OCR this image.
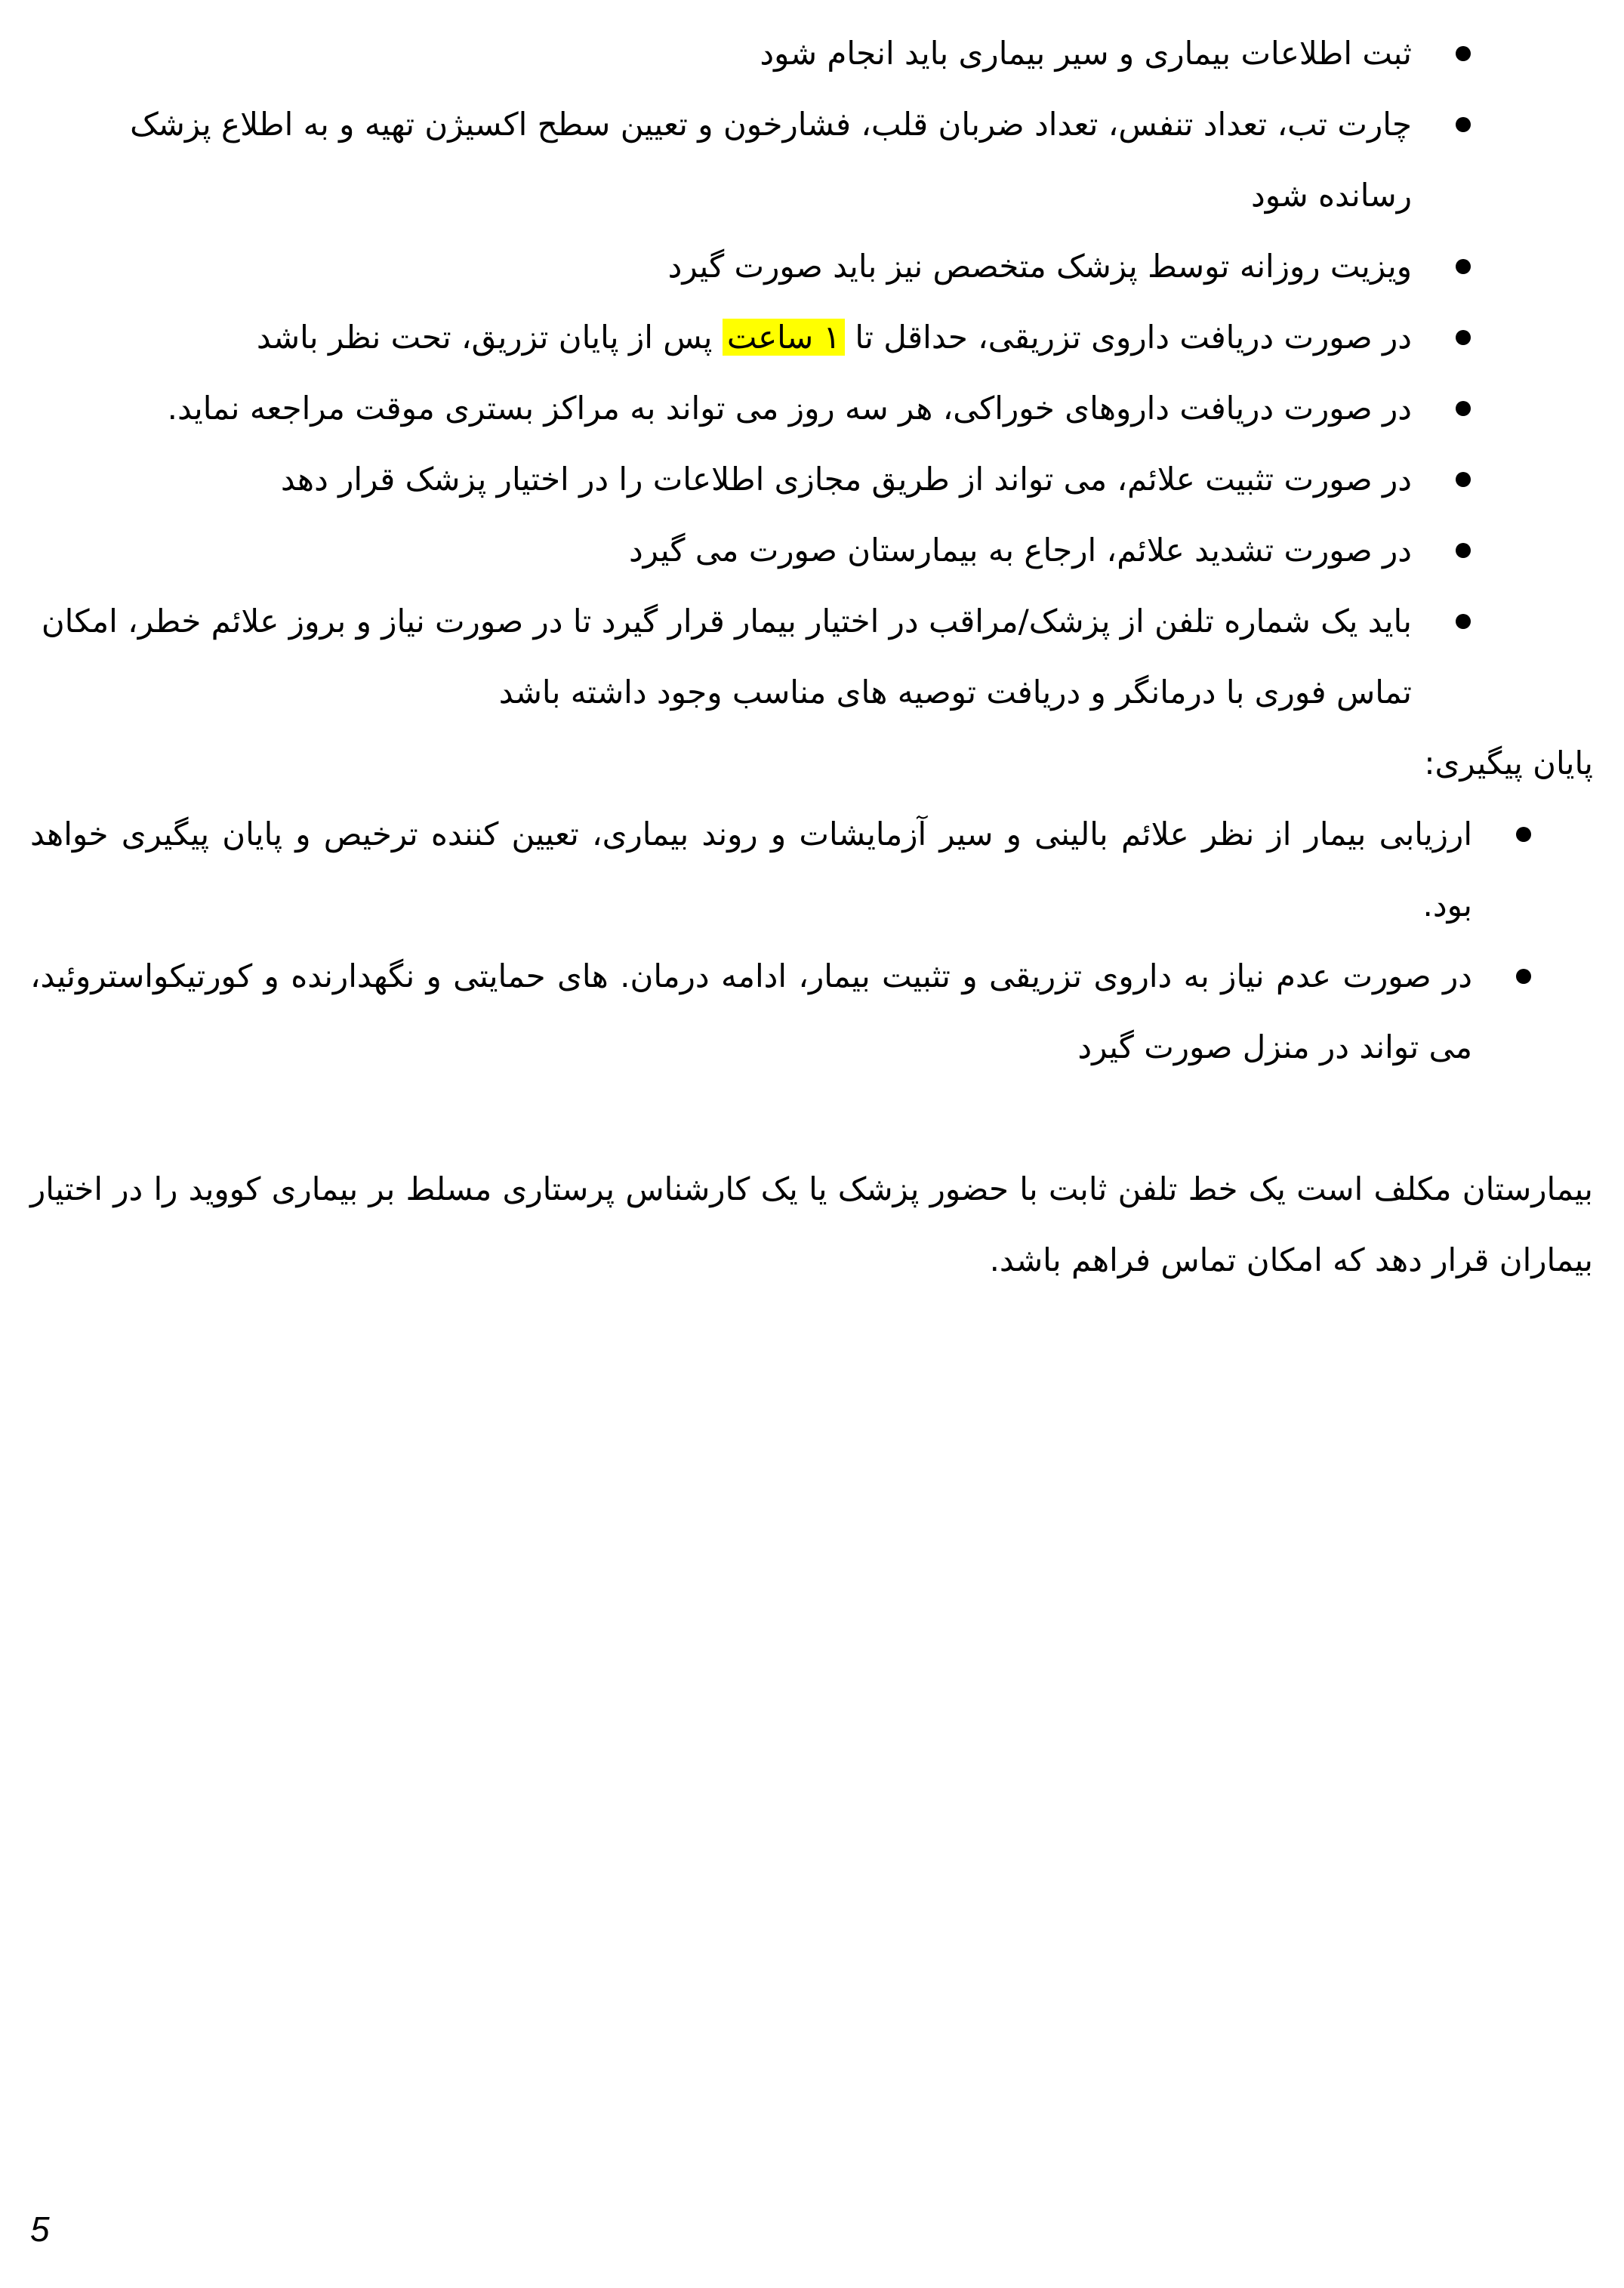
ثبت اطلاعات بیماری و سیر بیماری باید انجام شود
چارت تب، تعداد تنفس، تعداد ضربان قلب، فشارخون و تعیین سطح اکسیژن تهیه و به اطلاع پزشک رسانده شود
ویزیت روزانه توسط پزشک متخصص نیز باید صورت گیرد
در صورت دریافت داروی تزریقی، حداقل تا ۱ ساعت پس از پایان تزریق، تحت نظر باشد
در صورت دریافت داروهای خوراکی، هر سه روز می تواند به مراکز بستری موقت مراجعه نماید.
در صورت تثبیت علائم، می تواند از طریق مجازی اطلاعات را در اختیار پزشک قرار دهد
در صورت تشدید علائم، ارجاع به بیمارستان صورت می گیرد
باید یک شماره تلفن از پزشک/مراقب در اختیار بیمار قرار گیرد تا در صورت نیاز و بروز علائم خطر، امکان تماس فوری با درمانگر و دریافت توصیه های مناسب وجود داشته باشد
پایان پیگیری:
ارزیابی بیمار از نظر علائم بالینی و سیر آزمایشات و روند بیماری، تعیین کننده ترخیص و پایان پیگیری خواهد بود.
در صورت عدم نیاز به داروی تزریقی و تثبیت بیمار، ادامه درمان. های حمایتی و نگهدارنده و کورتیکواستروئید، می تواند در منزل صورت گیرد

بیمارستان مکلف است یک خط تلفن ثابت با حضور پزشک یا یک کارشناس پرستاری مسلط بر بیماری کووید را در اختیار بیماران قرار دهد که امکان تماس فراهم باشد.

5
